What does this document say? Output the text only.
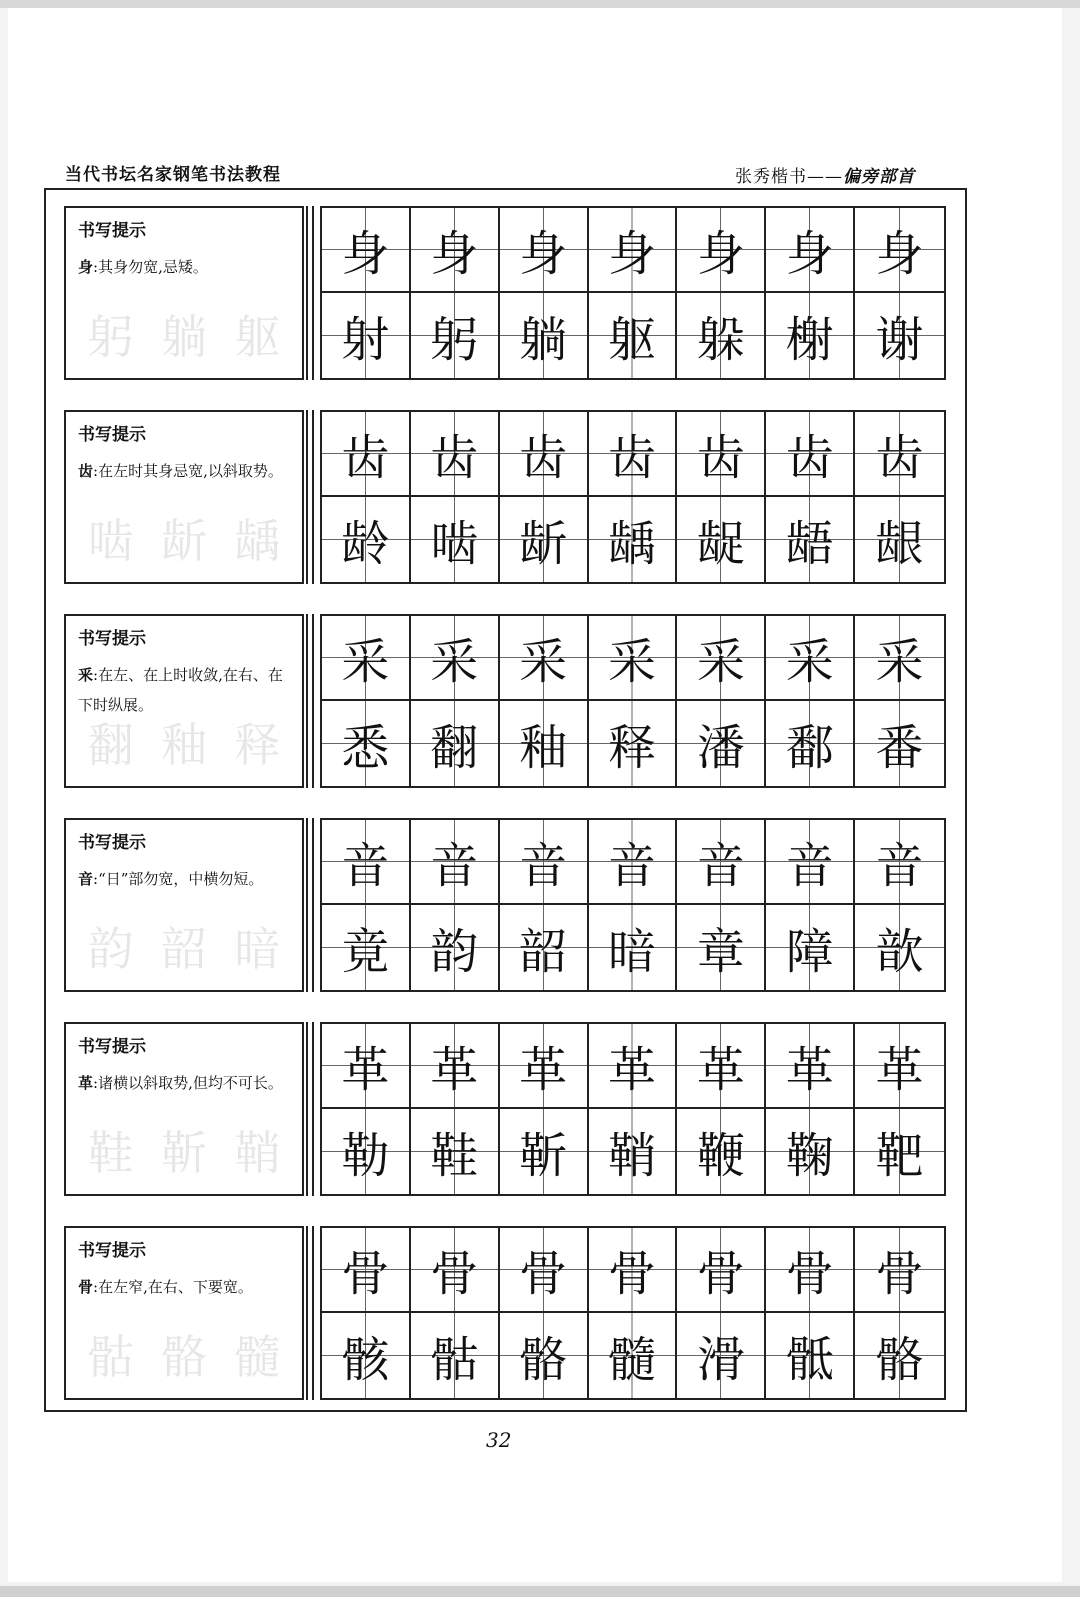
当代书坛名家钢笔书法教程	张秀楷书——偏旁部首
躬 躺 躯
书写提示
身:其身勿宽,忌矮。	身 身 身 身 身 身 身
射 躬 躺 躯 躲 榭 谢
啮 龂 龋
书写提示
齿:在左时其身忌宽,以斜取势。 齿 齿 齿 齿 齿 齿 齿
龄 啮 龂 龋 龊 龉 龈
翻 釉 释
书写提示
釆:在左、在上时收敛,在右、在下时纵展。
采 采 采 采 采 采 采
悉 翻 釉 释 潘 鄱 番
韵 韶 暗
书写提示
音:“日”部勿宽，中横勿短。	音 音 音 音 音 音 音
竟 韵 韶 暗 章 障 歆
鞋 靳 鞘
书写提示
革:诸横以斜取势,但均不可长。 革 革 革 革 革 革 革
勒 鞋 靳 鞘 鞭 鞠 靶
骷 骼 髓
书写提示
骨:在左窄,在右、下要宽。	骨 骨 骨 骨 骨 骨 骨
骸 骷 骼 髓 滑 骶 骼
32
